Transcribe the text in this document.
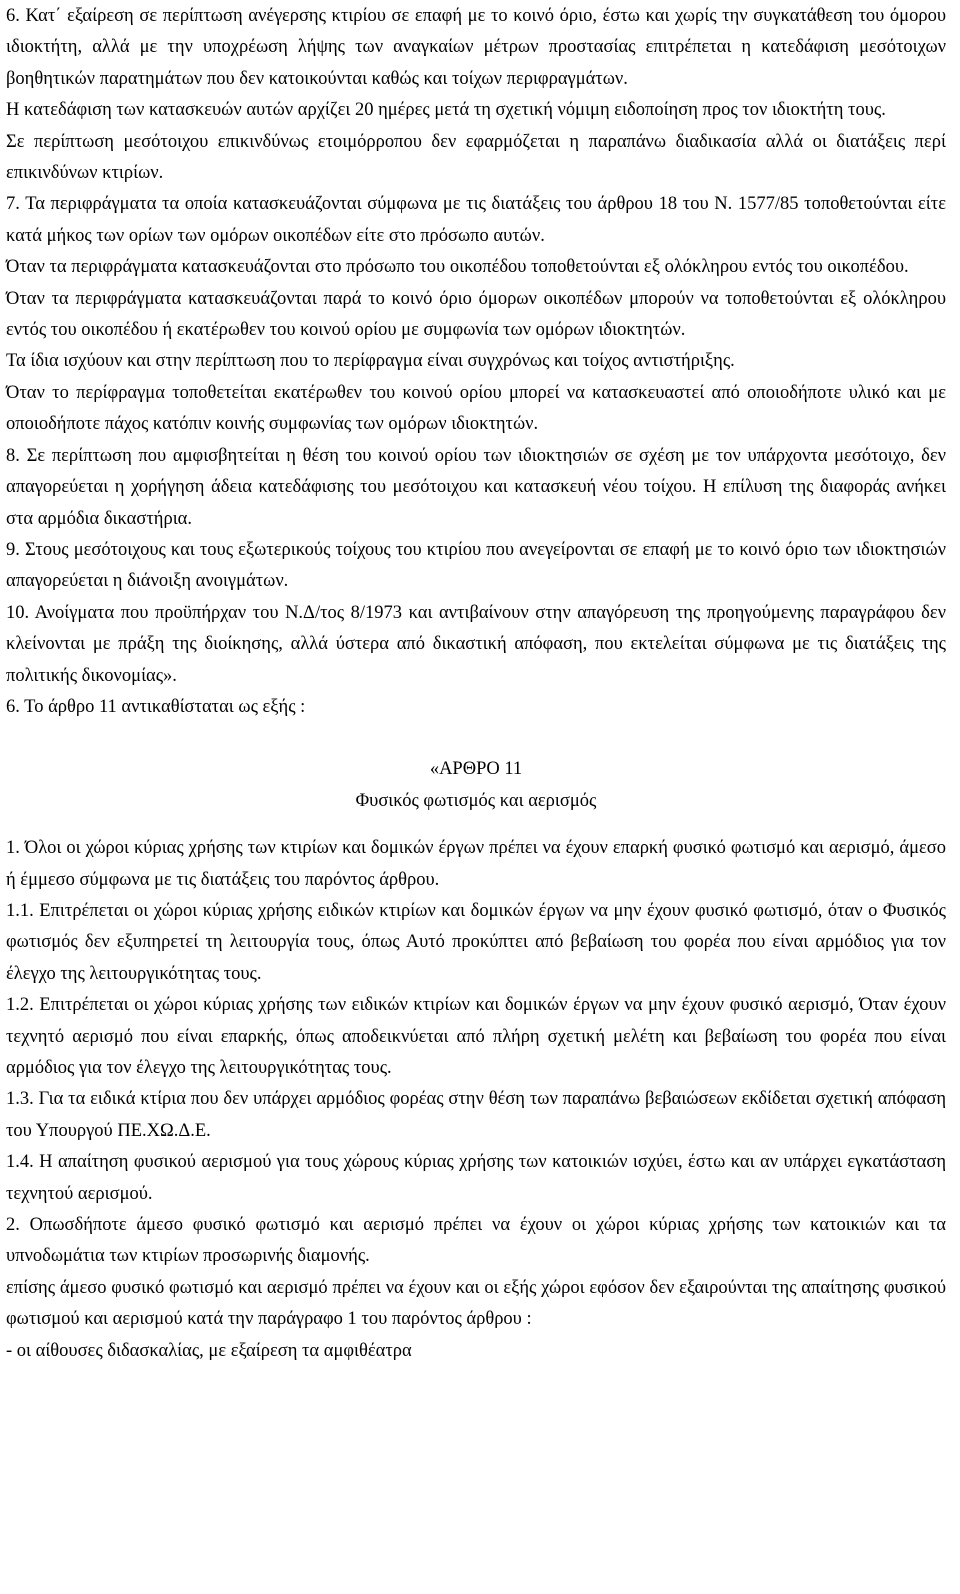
6. Κατ΄ εξαίρεση σε περίπτωση ανέγερσης κτιρίου σε επαφή με το κοινό όριο, έστω και χωρίς την συγκατάθεση του όμορου ιδιοκτήτη, αλλά με την υποχρέωση λήψης των αναγκαίων μέτρων προστασίας επιτρέπεται η κατεδάφιση μεσότοιχων βοηθητικών παρατημάτων που δεν κατοικούνται καθώς και τοίχων περιφραγμάτων.

Η κατεδάφιση των κατασκευών αυτών αρχίζει 20 ημέρες μετά τη σχετική νόμιμη ειδοποίηση προς τον ιδιοκτήτη τους.

Σε περίπτωση μεσότοιχου επικινδύνως ετοιμόρροπου δεν εφαρμόζεται η παραπάνω διαδικασία αλλά οι διατάξεις περί επικινδύνων κτιρίων.

7. Τα περιφράγματα τα οποία κατασκευάζονται σύμφωνα με τις διατάξεις του άρθρου 18 του Ν. 1577/85 τοποθετούνται είτε κατά μήκος των ορίων των ομόρων οικοπέδων είτε στο πρόσωπο αυτών.

Όταν τα περιφράγματα κατασκευάζονται στο πρόσωπο του οικοπέδου τοποθετούνται εξ ολόκληρου εντός του οικοπέδου.

Όταν τα περιφράγματα κατασκευάζονται παρά το κοινό όριο όμορων οικοπέδων μπορούν να τοποθετούνται εξ ολόκληρου εντός του οικοπέδου ή εκατέρωθεν του κοινού ορίου με συμφωνία των ομόρων ιδιοκτητών.

Τα ίδια ισχύουν και στην περίπτωση που το περίφραγμα είναι συγχρόνως και τοίχος αντιστήριξης.

Όταν το περίφραγμα τοποθετείται εκατέρωθεν του κοινού ορίου μπορεί να κατασκευαστεί από οποιοδήποτε υλικό και με οποιοδήποτε πάχος κατόπιν κοινής συμφωνίας των ομόρων ιδιοκτητών.

8. Σε περίπτωση που αμφισβητείται η θέση του κοινού ορίου των ιδιοκτησιών σε σχέση με τον υπάρχοντα μεσότοιχο, δεν απαγορεύεται η χορήγηση άδεια κατεδάφισης του μεσότοιχου και κατασκευή νέου τοίχου. Η επίλυση της διαφοράς ανήκει στα αρμόδια δικαστήρια.

9. Στους μεσότοιχους και τους εξωτερικούς τοίχους του κτιρίου που ανεγείρονται σε επαφή με το κοινό όριο των ιδιοκτησιών απαγορεύεται η διάνοιξη ανοιγμάτων.

10. Ανοίγματα που προϋπήρχαν του Ν.Δ/τος 8/1973 και αντιβαίνουν στην απαγόρευση της προηγούμενης παραγράφου δεν κλείνονται με πράξη της διοίκησης, αλλά ύστερα από δικαστική απόφαση, που εκτελείται σύμφωνα με τις διατάξεις της πολιτικής δικονομίας».

6. Το άρθρο 11 αντικαθίσταται ως εξής :

«ΑΡΘΡΟ 11

Φυσικός φωτισμός και αερισμός

1. Όλοι οι χώροι κύριας χρήσης των κτιρίων και δομικών έργων πρέπει να έχουν επαρκή φυσικό φωτισμό και αερισμό, άμεσο ή έμμεσο σύμφωνα με τις διατάξεις του παρόντος άρθρου.

1.1. Επιτρέπεται οι χώροι κύριας χρήσης ειδικών κτιρίων και δομικών έργων να μην έχουν φυσικό φωτισμό, όταν ο Φυσικός φωτισμός δεν εξυπηρετεί τη λειτουργία τους, όπως Αυτό προκύπτει από βεβαίωση του φορέα που είναι αρμόδιος για τον έλεγχο της λειτουργικότητας τους.

1.2. Επιτρέπεται οι χώροι κύριας χρήσης των ειδικών κτιρίων και δομικών έργων να μην έχουν φυσικό αερισμό, Όταν έχουν τεχνητό αερισμό που είναι επαρκής, όπως αποδεικνύεται από πλήρη σχετική μελέτη και βεβαίωση του φορέα που είναι αρμόδιος για τον έλεγχο της λειτουργικότητας τους.

1.3. Για τα ειδικά κτίρια που δεν υπάρχει αρμόδιος φορέας στην θέση των παραπάνω βεβαιώσεων εκδίδεται σχετική απόφαση του Υπουργού ΠΕ.ΧΩ.Δ.Ε.

1.4. Η απαίτηση φυσικού αερισμού για τους χώρους κύριας χρήσης των κατοικιών ισχύει, έστω και αν υπάρχει εγκατάσταση τεχνητού αερισμού.

2. Οπωσδήποτε άμεσο φυσικό φωτισμό και αερισμό πρέπει να έχουν οι χώροι κύριας χρήσης των κατοικιών και τα υπνοδωμάτια των κτιρίων προσωρινής διαμονής.

επίσης άμεσο φυσικό φωτισμό και αερισμό πρέπει να έχουν και οι εξής χώροι εφόσον δεν εξαιρούνται της απαίτησης φυσικού φωτισμού και αερισμού κατά την παράγραφο 1 του παρόντος άρθρου :

- οι αίθουσες διδασκαλίας, με εξαίρεση τα αμφιθέατρα
